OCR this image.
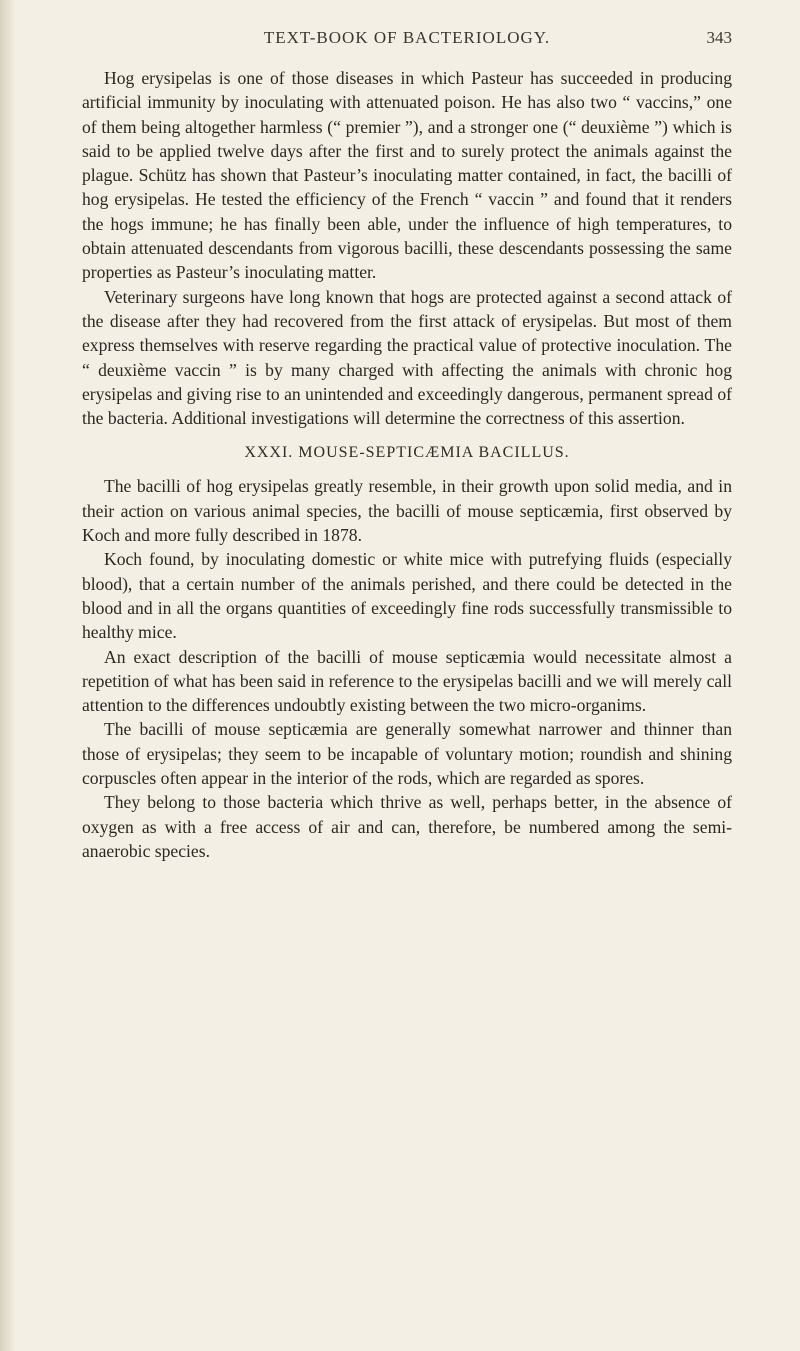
TEXT-BOOK OF BACTERIOLOGY.	343

Hog erysipelas is one of those diseases in which Pasteur has succeeded in producing artificial immunity by inoculating with attenuated poison. He has also two “ vaccins,” one of them being altogether harmless (“ premier ”), and a stronger one (“ deuxième ”) which is said to be applied twelve days after the first and to surely protect the animals against the plague. Schütz has shown that Pasteur’s inoculating matter contained, in fact, the bacilli of hog erysipelas. He tested the efficiency of the French “ vaccin ” and found that it renders the hogs immune; he has finally been able, under the influence of high temperatures, to obtain attenuated descendants from vigorous bacilli, these descendants possessing the same properties as Pasteur’s inoculating matter.

Veterinary surgeons have long known that hogs are protected against a second attack of the disease after they had recovered from the first attack of erysipelas. But most of them express themselves with reserve regarding the practical value of protective inoculation. The “ deuxième vaccin ” is by many charged with affecting the animals with chronic hog erysipelas and giving rise to an unintended and exceedingly dangerous, permanent spread of the bacteria. Additional investigations will determine the correctness of this assertion.

XXXI. MOUSE-SEPTICÆMIA BACILLUS.

The bacilli of hog erysipelas greatly resemble, in their growth upon solid media, and in their action on various animal species, the bacilli of mouse septicæmia, first observed by Koch and more fully described in 1878.

Koch found, by inoculating domestic or white mice with putrefying fluids (especially blood), that a certain number of the animals perished, and there could be detected in the blood and in all the organs quantities of exceedingly fine rods successfully transmissible to healthy mice.

An exact description of the bacilli of mouse septicæmia would necessitate almost a repetition of what has been said in reference to the erysipelas bacilli and we will merely call attention to the differences undoubtly existing between the two micro-organims.

The bacilli of mouse septicæmia are generally somewhat narrower and thinner than those of erysipelas; they seem to be incapable of voluntary motion; roundish and shining corpuscles often appear in the interior of the rods, which are regarded as spores.

They belong to those bacteria which thrive as well, perhaps better, in the absence of oxygen as with a free access of air and can, therefore, be numbered among the semi-anaerobic species.
